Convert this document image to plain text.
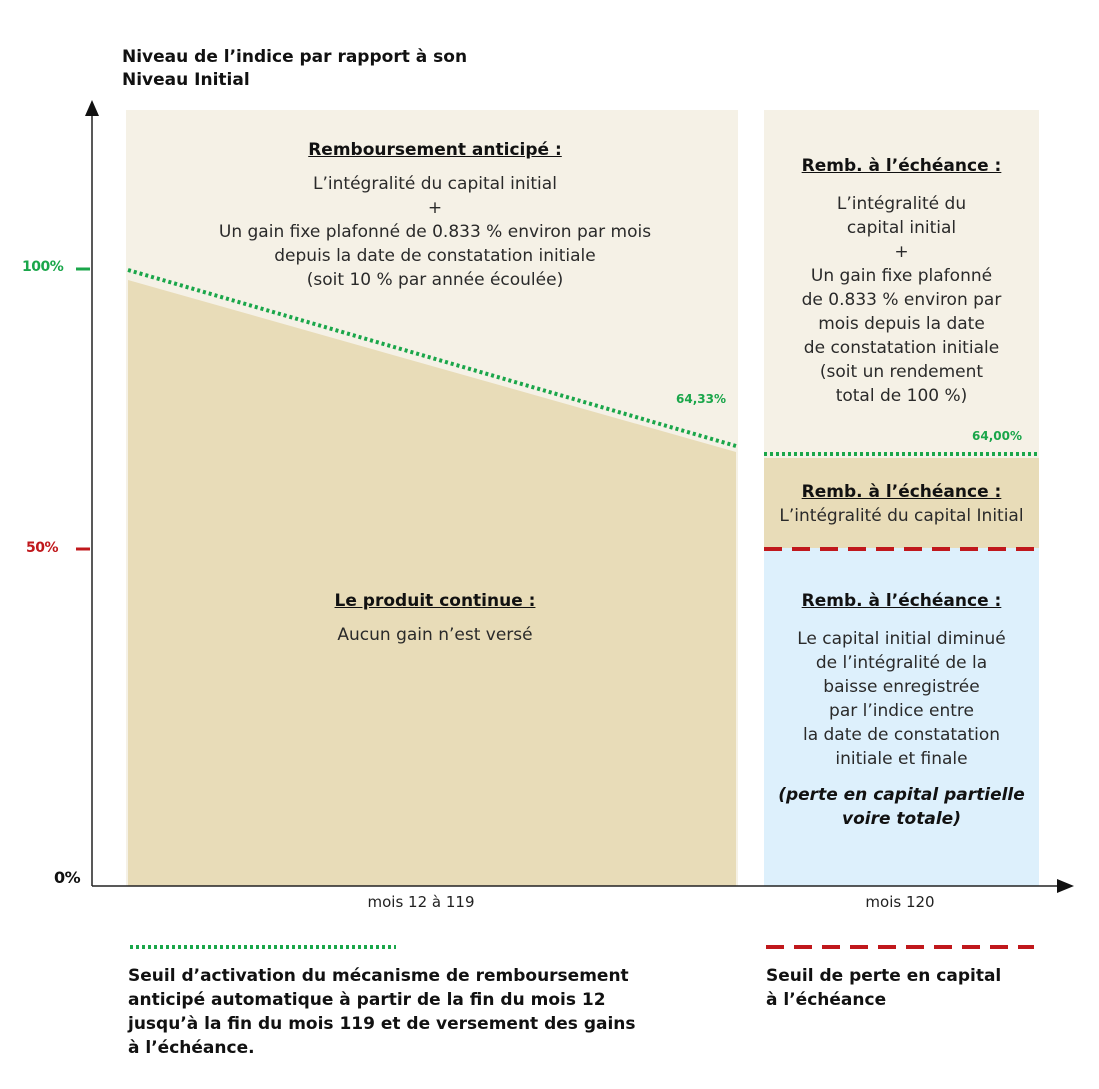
Niveau de l’indice par rapport à son
Niveau Initial
100%
50%
0%
Remboursement anticipé :
L’intégralité du capital initial
+
Un gain fixe plafonné de 0.833 % environ par mois
depuis la date de constatation initiale
(soit 10 % par année écoulée)
64,33%
Le produit continue :
Aucun gain n’est versé
Remb. à l’échéance :
L’intégralité du
capital initial
+
Un gain fixe plafonné
de 0.833 % environ par
mois depuis la date
de constatation initiale
(soit un rendement
total de 100 %)
64,00%
Remb. à l’échéance :
L’intégralité du capital Initial
Remb. à l’échéance :
Le capital initial diminué
de l’intégralité de la
baisse enregistrée
par l’indice entre
la date de constatation
initiale et finale
(perte en capital partielle
voire totale)
mois 12 à 119	mois 120
Seuil d’activation du mécanisme de remboursement
anticipé automatique à partir de la fin du mois 12
jusqu’à la fin du mois 119 et de versement des gains
à l’échéance.
Seuil de perte en capital
à l’échéance
